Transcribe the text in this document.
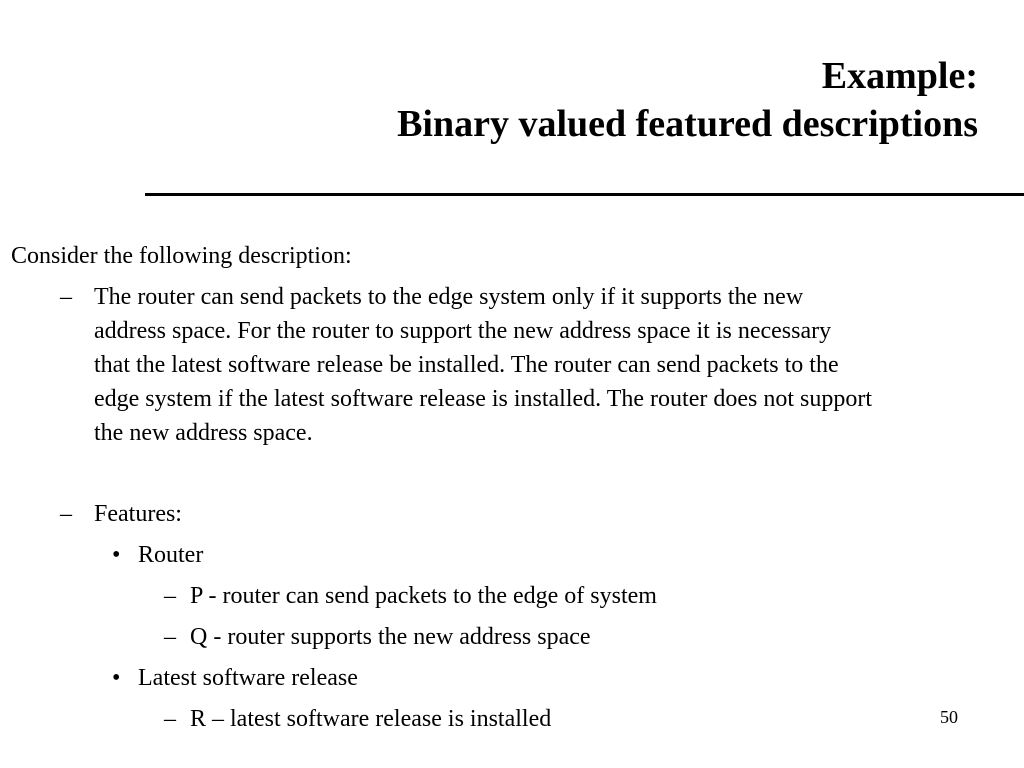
Example:
Binary valued featured descriptions

Consider the following description:

– The router can send packets to the edge system only if it supports the new
address space. For the router to support the new address space it is necessary
that the latest software release be installed. The router can send packets to the
edge system if the latest software release is installed. The router does not support
the new address space.
– Features:
• Router
– P - router can send packets to the edge of system
– Q - router supports the new address space
• Latest software release
– R – latest software release is installed	50
